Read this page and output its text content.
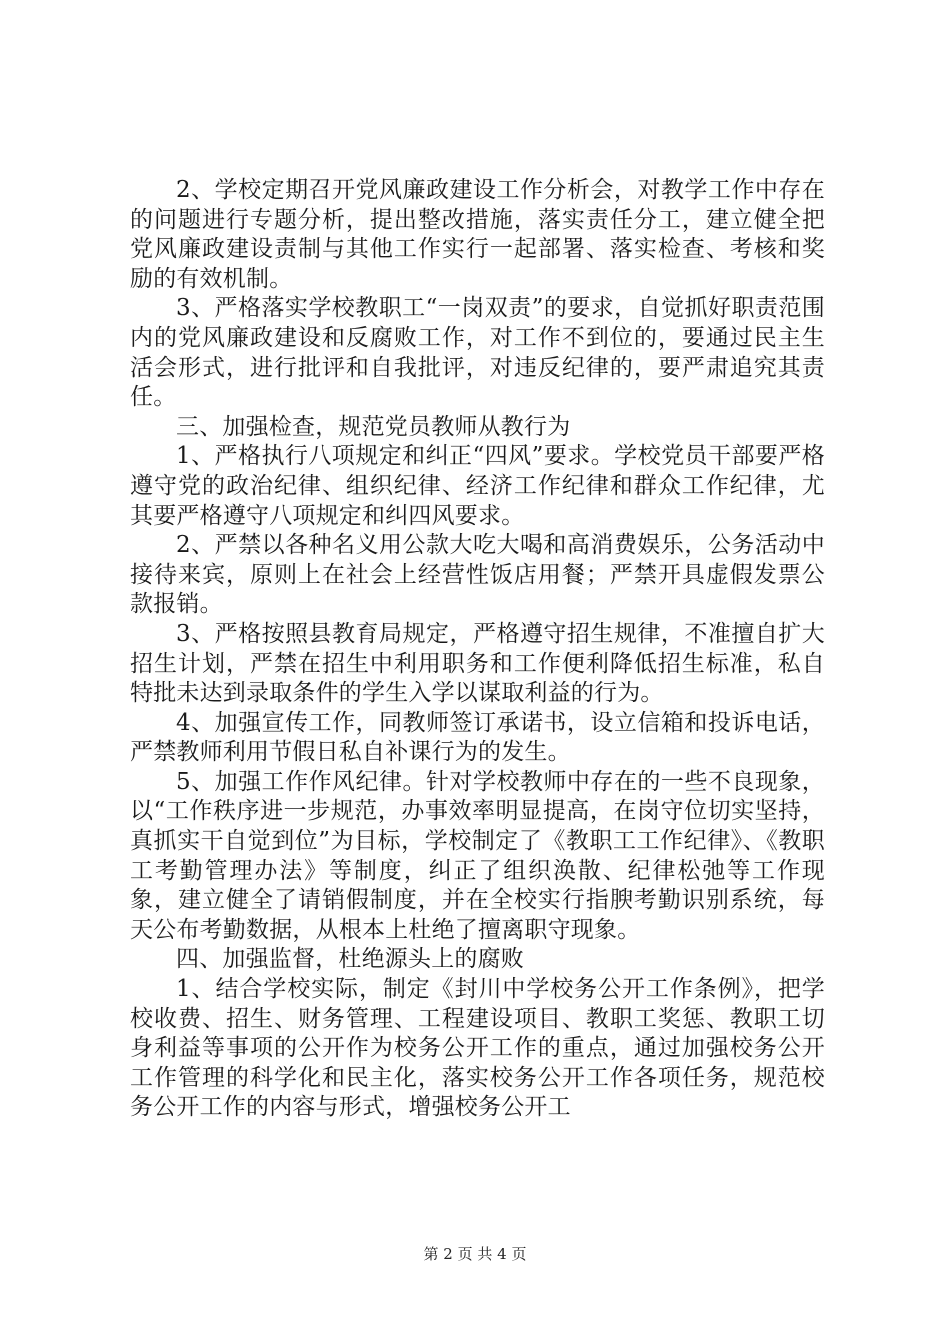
2、学校定期召开党风廉政建设工作分析会，对教学工作中存在的问题进行专题分析，提出整改措施，落实责任分工，建立健全把党风廉政建设责制与其他工作实行一起部署、落实检查、考核和奖励的有效机制。

3、严格落实学校教职工“一岗双责”的要求，自觉抓好职责范围内的党风廉政建设和反腐败工作，对工作不到位的，要通过民主生活会形式，进行批评和自我批评，对违反纪律的，要严肃追究其责任。

三、加强检查，规范党员教师从教行为

1、严格执行八项规定和纠正“四风”要求。学校党员干部要严格遵守党的政治纪律、组织纪律、经济工作纪律和群众工作纪律，尤其要严格遵守八项规定和纠四风要求。

2、严禁以各种名义用公款大吃大喝和高消费娱乐，公务活动中接待来宾，原则上在社会上经营性饭店用餐；严禁开具虚假发票公款报销。

3、严格按照县教育局规定，严格遵守招生规律，不准擅自扩大招生计划，严禁在招生中利用职务和工作便利降低招生标准，私自特批未达到录取条件的学生入学以谋取利益的行为。

4、加强宣传工作，同教师签订承诺书，设立信箱和投诉电话，严禁教师利用节假日私自补课行为的发生。

5、加强工作作风纪律。针对学校教师中存在的一些不良现象，以“工作秩序进一步规范，办事效率明显提高，在岗守位切实坚持，真抓实干自觉到位”为目标，学校制定了《教职工工作纪律》、《教职工考勤管理办法》等制度，纠正了组织涣散、纪律松弛等工作现象，建立健全了请销假制度，并在全校实行指腴考勤识别系统，每天公布考勤数据，从根本上杜绝了擅离职守现象。

四、加强监督，杜绝源头上的腐败

1、结合学校实际，制定《封川中学校务公开工作条例》，把学校收费、招生、财务管理、工程建设项目、教职工奖惩、教职工切身利益等事项的公开作为校务公开工作的重点，通过加强校务公开工作管理的科学化和民主化，落实校务公开工作各项任务，规范校务公开工作的内容与形式，增强校务公开工

第 2 页 共 4 页
